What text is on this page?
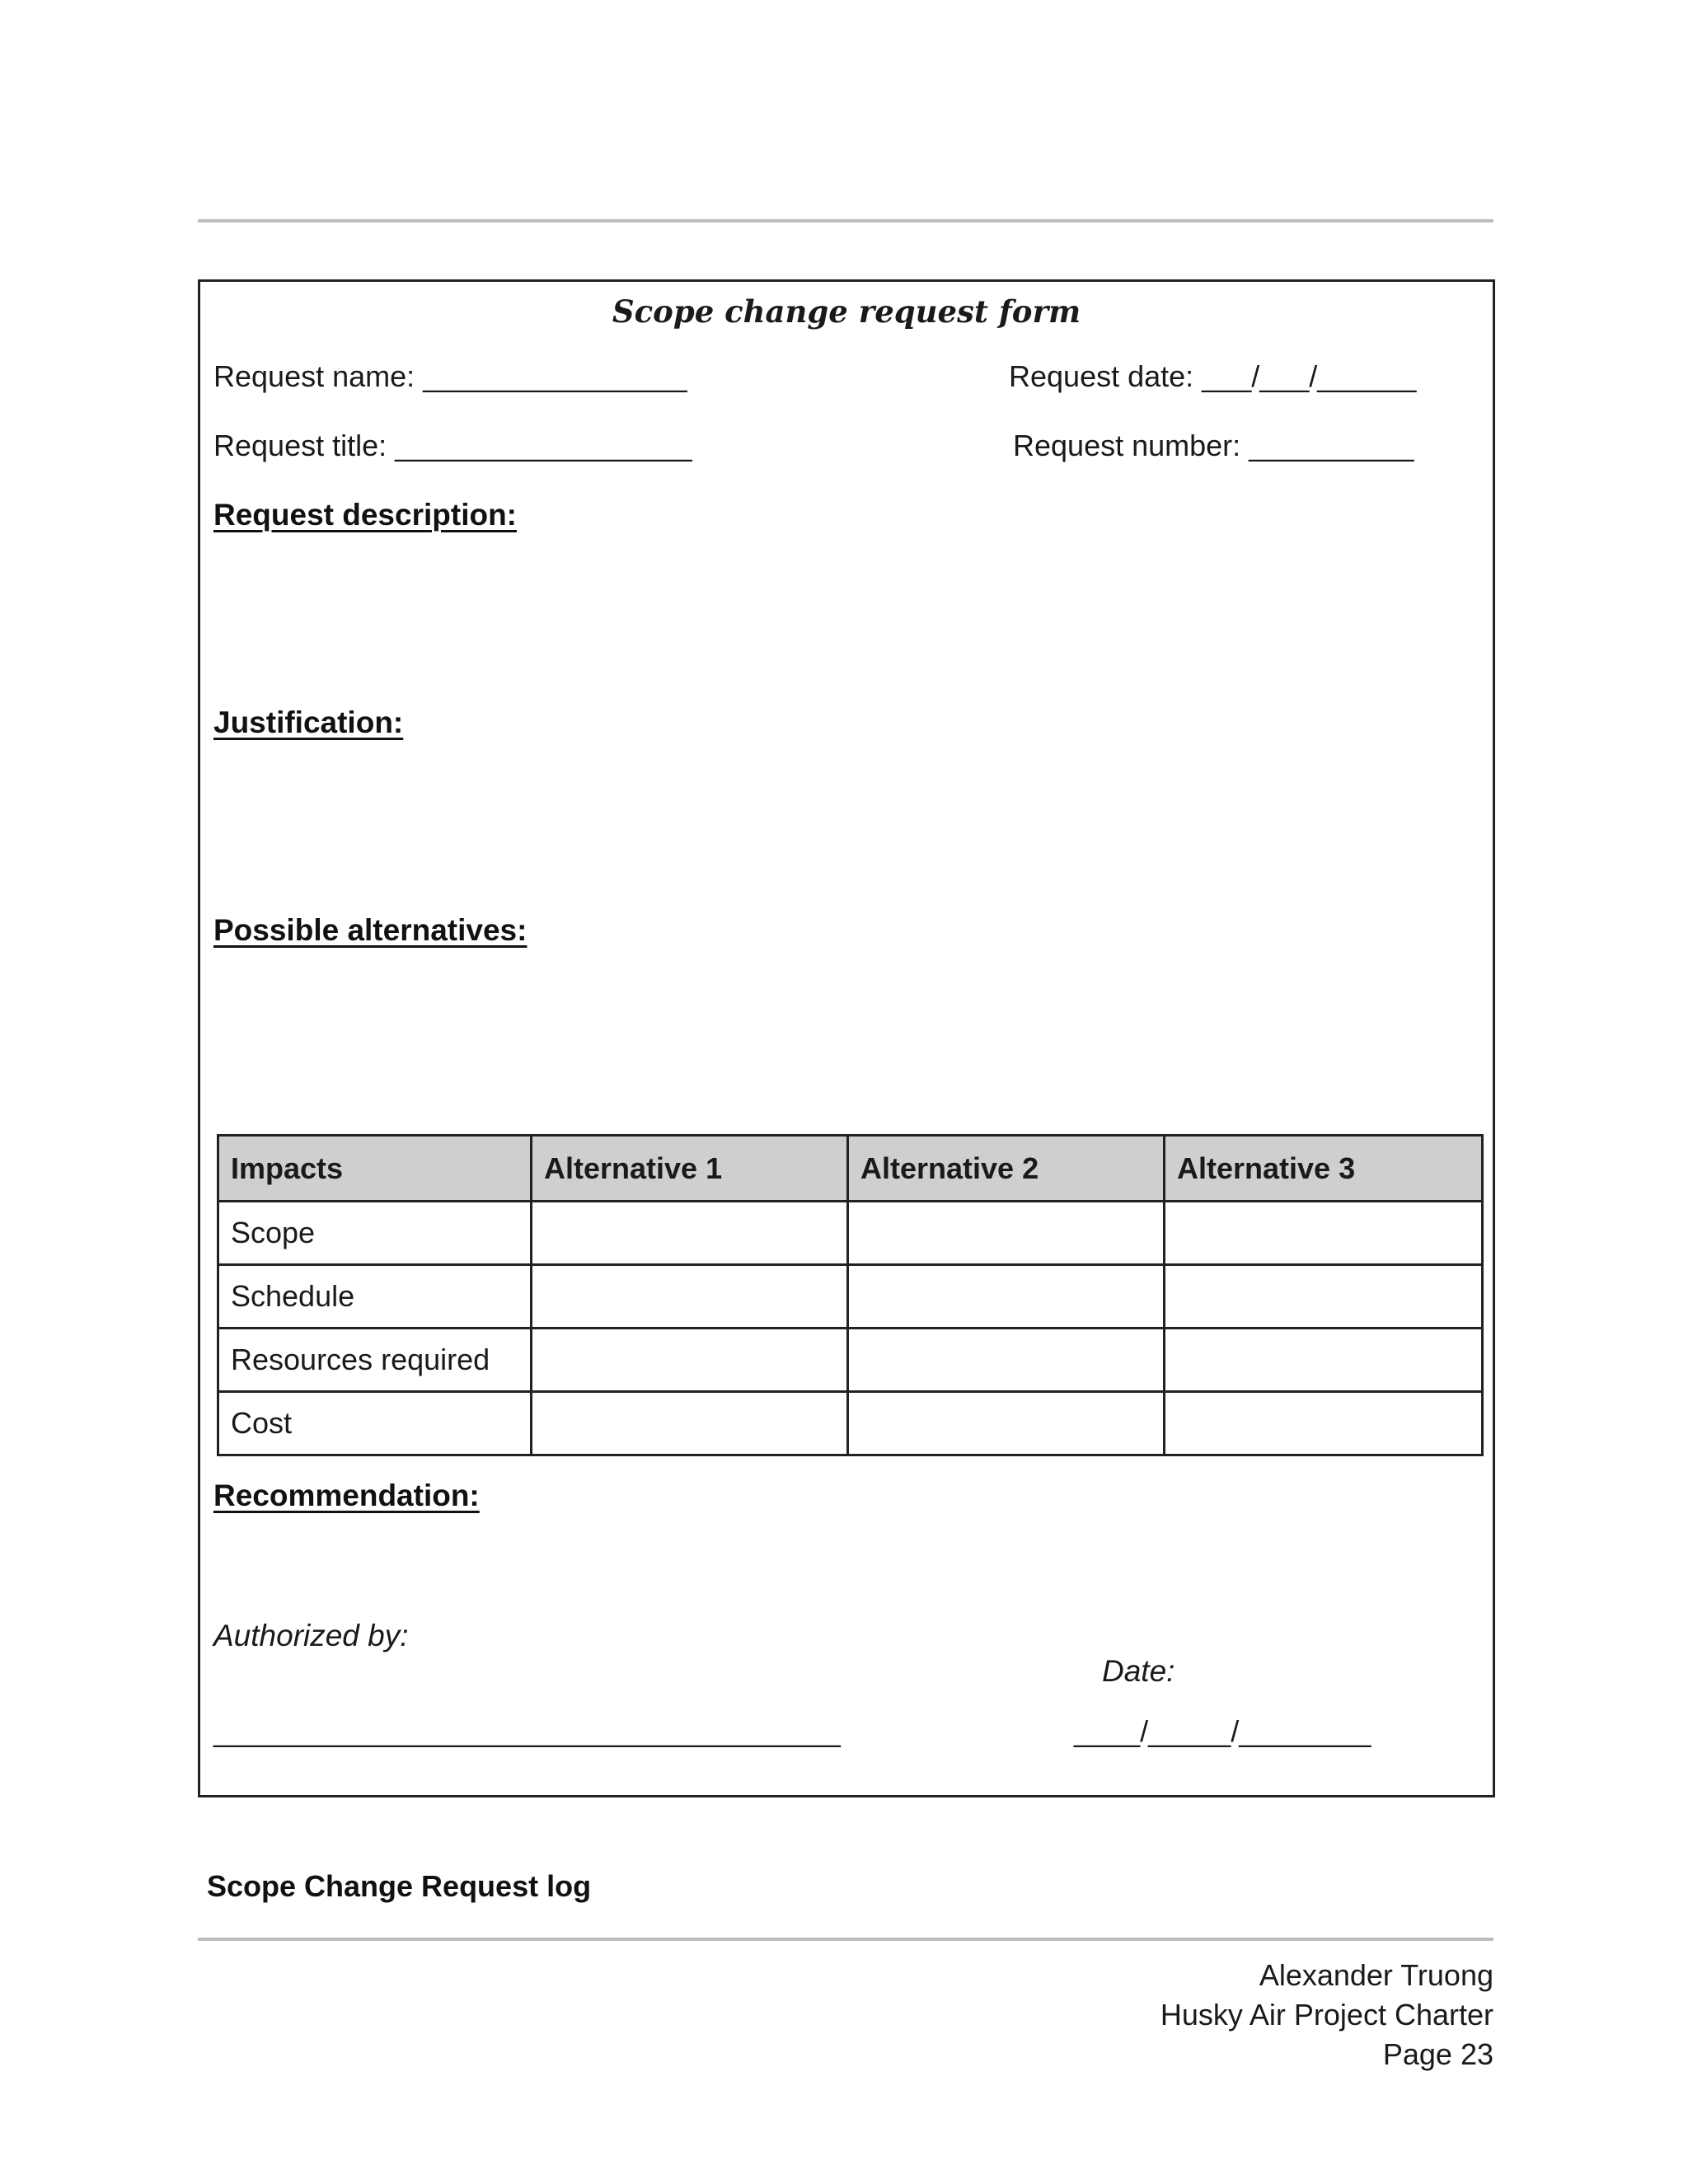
Scope change request form
Request name: ________________	Request date: ___/___/______
Request title: __________________	Request number: __________
Request description:
Justification:
Possible alternatives:
Impacts	Alternative 1	Alternative 2	Alternative 3
Scope			
Schedule			
Resources required			
Cost			
Recommendation:
Authorized by:
Date:
______________________________________	____/_____/________
Scope Change Request log
Alexander Truong
Husky Air Project Charter
Page 23
